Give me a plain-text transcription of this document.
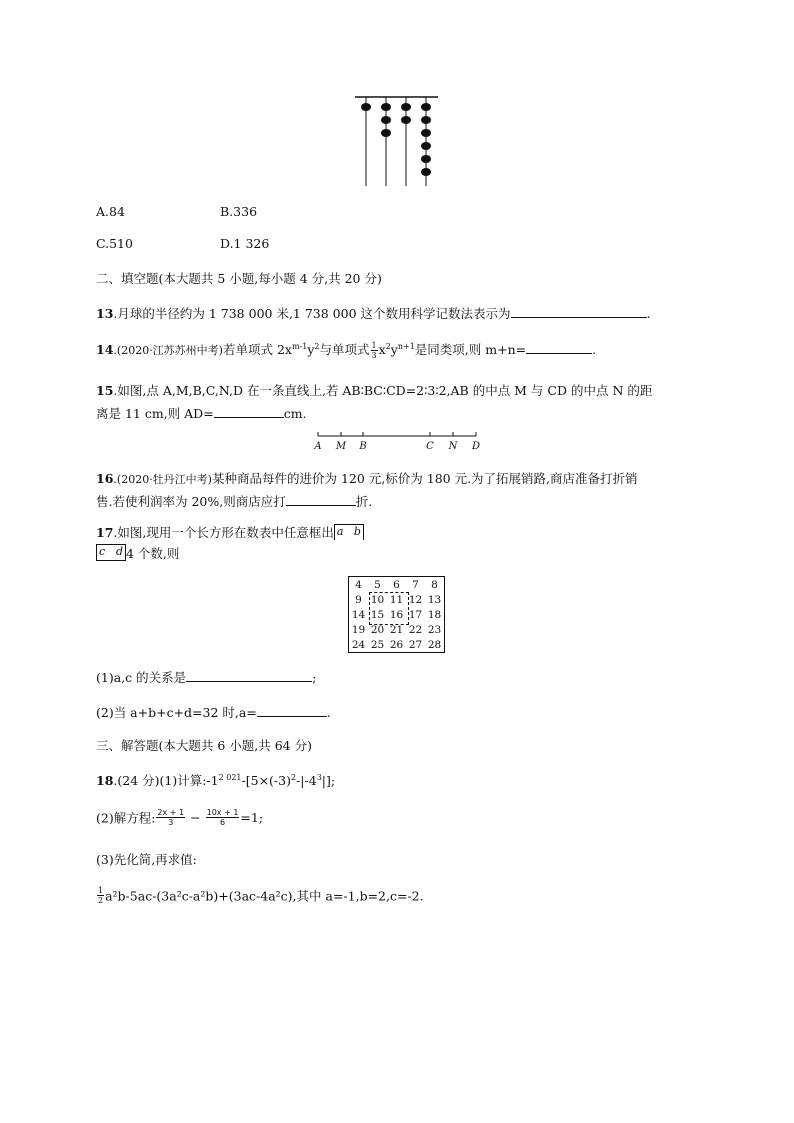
A.84	B.336
C.510	D.1 326
二、填空题(本大题共 5 小题,每小题 4 分,共 20 分)
13.月球的半径约为 1 738 000 米,1 738 000 这个数用科学记数法表示为	.
14.(2020·江苏苏州中考)若单项式 $2x^{m-1}y^2$与单项式 $\frac{1}{3} x^2y^{n+1}$是同类项,则 m+n=	.
15.如图,点 A,M,B,C,N,D 在一条直线上,若 AB∶BC∶CD=2∶3∶2,AB 的中点 M 与 CD 的中点 N 的距
离是 11 cm,则 AD=	cm.
A M B	C N D
16.(2020·牡丹江中考)某种商品每件的进价为 120 元,标价为 180 元.为了拓展销路,商店准备打折销
售.若使利润率为 20%,则商店应打	折.
17.如图,现用一个长方形在数表中任意框出 a b
c d 4 个数,则
4	5	6	7	8
9	10	11	12	13
14	15	16	17	18
19	20	21	22	23
24	25	26	27	28
(1)a,c 的关系是	;
(2)当 a+b+c+d=32 时,a=	.
三、解答题(本大题共 6 小题,共 64 分)
18.(24 分)(1)计算$:-1^{2 021}-[5\times(-3)^2-|-4^3|]$;
(2)解方程: $\frac{2x + 1}{3} - \frac{10x + 1}{6} =1$;
(3)先化简,再求值:
$\frac{1}{2} a^2b-5ac-(3a^2c-a^2b)+(3ac-4a^2c)$,其中 a=-1,b=2,c=-2.
